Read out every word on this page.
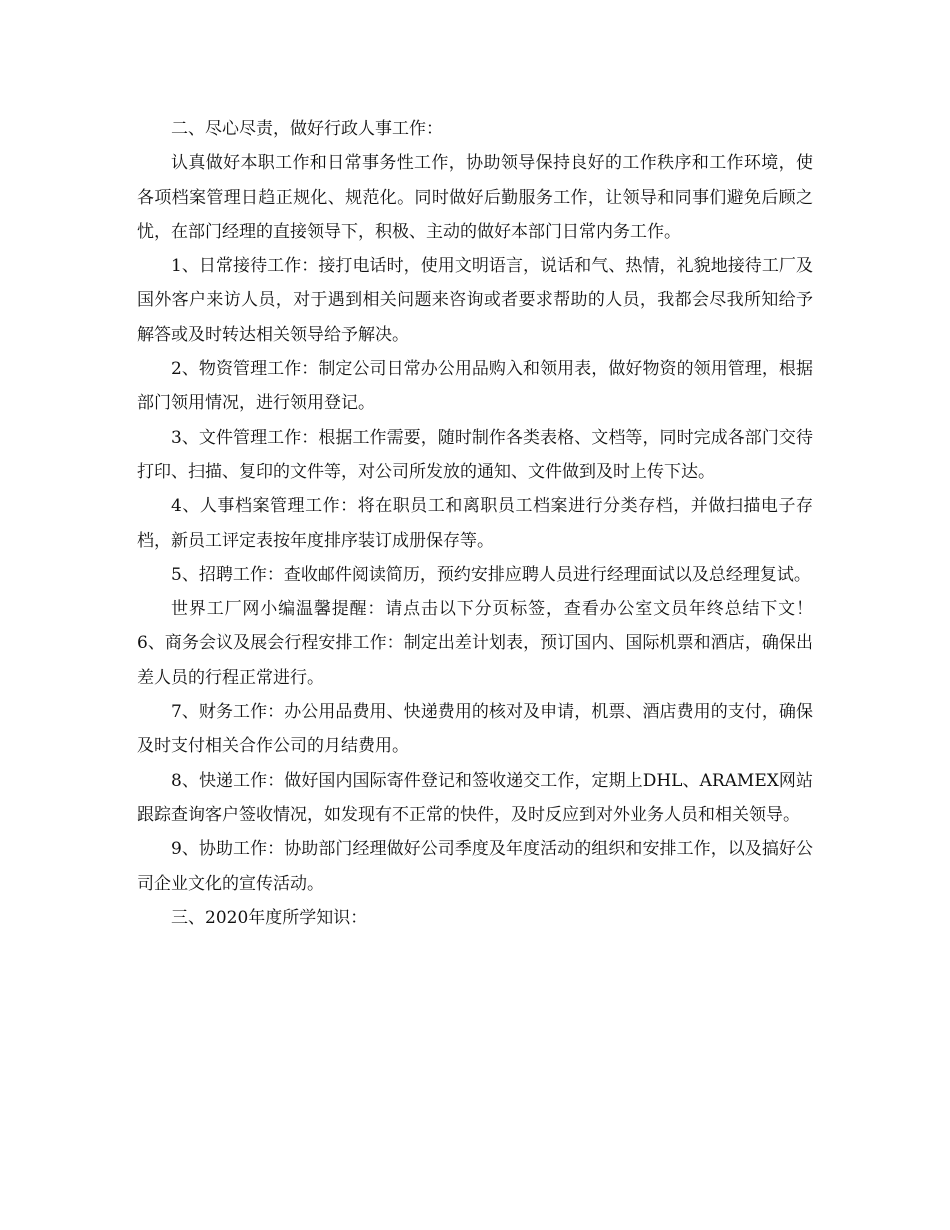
二、尽心尽责，做好行政人事工作：

认真做好本职工作和日常事务性工作，协助领导保持良好的工作秩序和工作环境，使各项档案管理日趋正规化、规范化。同时做好后勤服务工作，让领导和同事们避免后顾之忧，在部门经理的直接领导下，积极、主动的做好本部门日常内务工作。

1、日常接待工作：接打电话时，使用文明语言，说话和气、热情，礼貌地接待工厂及国外客户来访人员，对于遇到相关问题来咨询或者要求帮助的人员，我都会尽我所知给予解答或及时转达相关领导给予解决。

2、物资管理工作：制定公司日常办公用品购入和领用表，做好物资的领用管理，根据部门领用情况，进行领用登记。

3、文件管理工作：根据工作需要，随时制作各类表格、文档等，同时完成各部门交待打印、扫描、复印的文件等，对公司所发放的通知、文件做到及时上传下达。

4、人事档案管理工作：将在职员工和离职员工档案进行分类存档，并做扫描电子存档，新员工评定表按年度排序装订成册保存等。

5、招聘工作：查收邮件阅读简历，预约安排应聘人员进行经理面试以及总经理复试。

世界工厂网小编温馨提醒：请点击以下分页标签，查看办公室文员年终总结下文！  6、商务会议及展会行程安排工作：制定出差计划表，预订国内、国际机票和酒店，确保出差人员的行程正常进行。

7、财务工作：办公用品费用、快递费用的核对及申请，机票、酒店费用的支付，确保及时支付相关合作公司的月结费用。

8、快递工作：做好国内国际寄件登记和签收递交工作，定期上DHL、ARAMEX网站跟踪查询客户签收情况，如发现有不正常的快件，及时反应到对外业务人员和相关领导。

9、协助工作：协助部门经理做好公司季度及年度活动的组织和安排工作，以及搞好公司企业文化的宣传活动。

三、2020年度所学知识：
